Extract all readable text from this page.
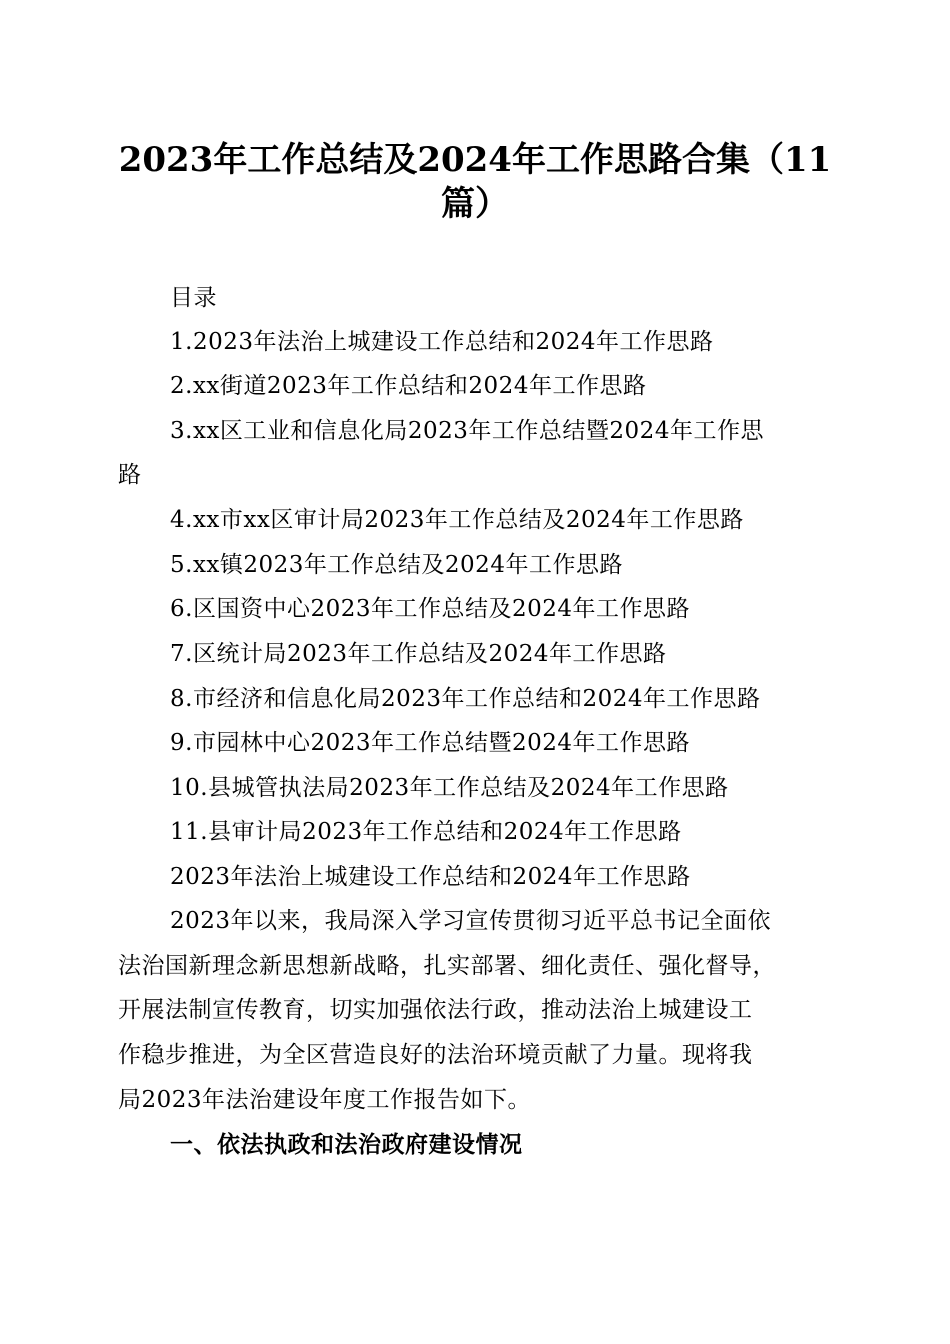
2023年工作总结及2024年工作思路合集（11
篇）
目录
1.2023年法治上城建设工作总结和2024年工作思路
2.xx街道2023年工作总结和2024年工作思路
3.xx区工业和信息化局2023年工作总结暨2024年工作思
路
4.xx市xx区审计局2023年工作总结及2024年工作思路
5.xx镇2023年工作总结及2024年工作思路
6.区国资中心2023年工作总结及2024年工作思路
7.区统计局2023年工作总结及2024年工作思路
8.市经济和信息化局2023年工作总结和2024年工作思路
9.市园林中心2023年工作总结暨2024年工作思路
10.县城管执法局2023年工作总结及2024年工作思路
11.县审计局2023年工作总结和2024年工作思路
2023年法治上城建设工作总结和2024年工作思路
2023年以来，我局深入学习宣传贯彻习近平总书记全面依
法治国新理念新思想新战略，扎实部署、细化责任、强化督导，
开展法制宣传教育，切实加强依法行政，推动法治上城建设工
作稳步推进，为全区营造良好的法治环境贡献了力量。现将我
局2023年法治建设年度工作报告如下。
一、依法执政和法治政府建设情况
